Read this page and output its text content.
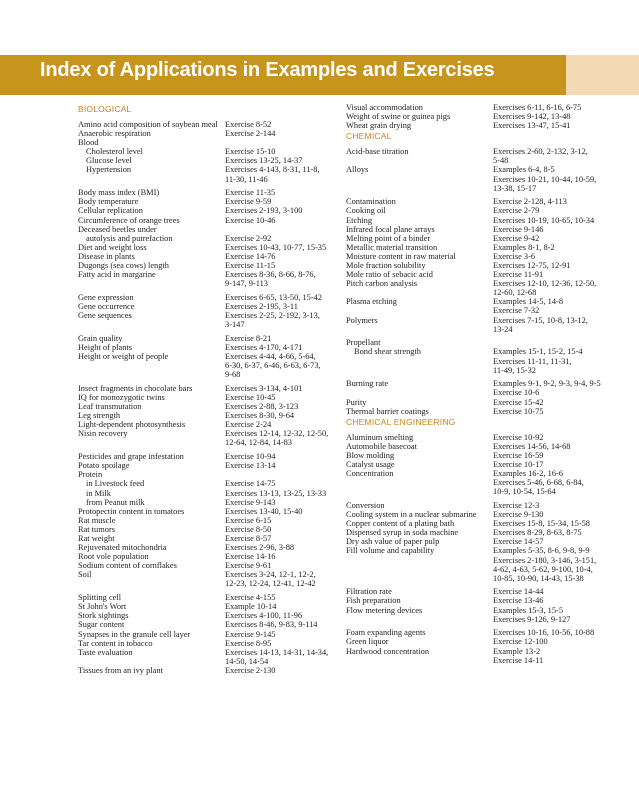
Index of Applications in Examples and Exercises
BIOLOGICAL
Amino acid composition of soybean meal Exercise 8-52
Anaerobic respiration	Exercise 2-144
Blood
Cholesterol level	Exercise 15-10
Glucose level	Exercises 13-25, 14-37
Hypertension	Exercises 4-143, 8-31, 11-8,
11-30, 11-46
Body mass index (BMI)	Exercise 11-35
Body temperature	Exercise 9-59
Cellular replication	Exercises 2-193, 3-100
Circumference of orange trees	Exercise 10-46
Deceased beetles under
autolysis and putrefaction	Exercise 2-92
Diet and weight loss	Exercises 10-43, 10-77, 15-35
Disease in plants	Exercise 14-76
Dugongs (sea cows) length	Exercise 11-15
Fatty acid in margarine	Exercises 8-36, 8-66, 8-76,
9-147, 9-113
Gene expression	Exercises 6-65, 13-50, 15-42
Gene occurrence	Exercises 2-195, 3-11
Gene sequences	Exercises 2-25, 2-192, 3-13,
3-147
Grain quality	Exercise 8-21
Height of plants	Exercises 4-170, 4-171
Height or weight of people	Exercises 4-44, 4-66, 5-64,
6-30, 6-37, 6-46, 6-63, 6-73,
9-68
Insect fragments in chocolate bars	Exercises 3-134, 4-101
IQ for monozygotic twins	Exercise 10-45
Leaf transmutation	Exercises 2-88, 3-123
Leg strength	Exercises 8-30, 9-64
Light-dependent photosynthesis	Exercise 2-24
Nisin recovery	Exercises 12-14, 12-32, 12-50,
12-64, 12-84, 14-83
Pesticides and grape infestation	Exercise 10-94
Potato spoilage	Exercise 13-14
Protein
in Livestock feed	Exercise 14-75
in Milk	Exercises 13-13, 13-25, 13-33
from Peanut milk	Exercise 9-143
Protopectin content in tomatoes	Exercises 13-40, 15-40
Rat muscle	Exercise 6-15
Rat tumors	Exercise 8-50
Rat weight	Exercise 8-57
Rejuvenated mitochondria	Exercises 2-96, 3-88
Root vole population	Exercise 14-16
Sodium content of cornflakes	Exercise 9-61
Soil	Exercises 3-24, 12-1, 12-2,
12-23, 12-24, 12-41, 12-42
Splitting cell	Exercise 4-155
St John's Wort	Example 10-14
Stork sightings	Exercises 4-100, 11-96
Sugar content	Exercises 8-46, 9-83, 9-114
Synapses in the granule cell layer	Exercise 9-145
Tar content in tobacco	Exercise 8-95
Taste evaluation	Exercises 14-13, 14-31, 14-34,
14-50, 14-54
Tissues from an ivy plant	Exercise 2-130
Visual accommodation	Exercises 6-11, 6-16, 6-75
Weight of swine or guinea pigs	Exercises 9-142, 13-48
Wheat grain drying	Exercises 13-47, 15-41
CHEMICAL
Acid-base titration	Exercises 2-60, 2-132, 3-12,
5-48
Alloys	Examples 6-4, 8-5
Exercises 10-21, 10-44, 10-59,
13-38, 15-17
Contamination	Exercise 2-128, 4-113
Cooking oil	Exercise 2-79
Etching	Exercises 10-19, 10-65, 10-34
Infrared focal plane arrays	Exercise 9-146
Melting point of a binder	Exercise 9-42
Metallic material transition	Examples 8-1, 8-2
Moisture content in raw material	Exercise 3-6
Mole fraction solubility	Exercises 12-75, 12-91
Mole ratio of sebacic acid	Exercise 11-91
Pitch carbon analysis	Exercises 12-10, 12-36, 12-50,
12-60, 12-68
Plasma etching	Examples 14-5, 14-8
Exercise 7-32
Polymers	Exercises 7-15, 10-8, 13-12,
13-24
Propellant
Bond shear strength	Examples 15-1, 15-2, 15-4
Exercises 11-11, 11-31,
11-49, 15-32
Burning rate	Examples 9-1, 9-2, 9-3, 9-4, 9-5
Exercise 10-6
Purity	Exercise 15-42
Thermal barrier coatings	Exercise 10-75
CHEMICAL ENGINEERING
Aluminum smelting	Exercise 10-92
Automobile basecoat	Exercises 14-56, 14-68
Blow molding	Exercise 16-59
Catalyst usage	Exercise 10-17
Concentration	Examples 16-2, 16-6
Exercises 5-46, 6-68, 6-84,
10-9, 10-54, 15-64
Conversion	Exercise 12-3
Cooling system in a nuclear submarine	Exercise 9-130
Copper content of a plating bath	Exercises 15-8, 15-34, 15-58
Dispensed syrup in soda machine	Exercises 8-29, 8-63, 8-75
Dry ash value of paper pulp	Exercise 14-57
Fill volume and capability	Examples 5-35, 8-6, 9-8, 9-9
Exercises 2-180, 3-146, 3-151,
4-62, 4-63, 5-62, 9-100, 10-4,
10-85, 10-90, 14-43, 15-38
Filtration rate	Exercise 14-44
Fish preparation	Exercise 13-46
Flow metering devices	Examples 15-3, 15-5
Exercises 9-126, 9-127
Foam expanding agents	Exercises 10-16, 10-56, 10-88
Green liquor	Exercise 12-100
Hardwood concentration	Example 13-2
Exercise 14-11
